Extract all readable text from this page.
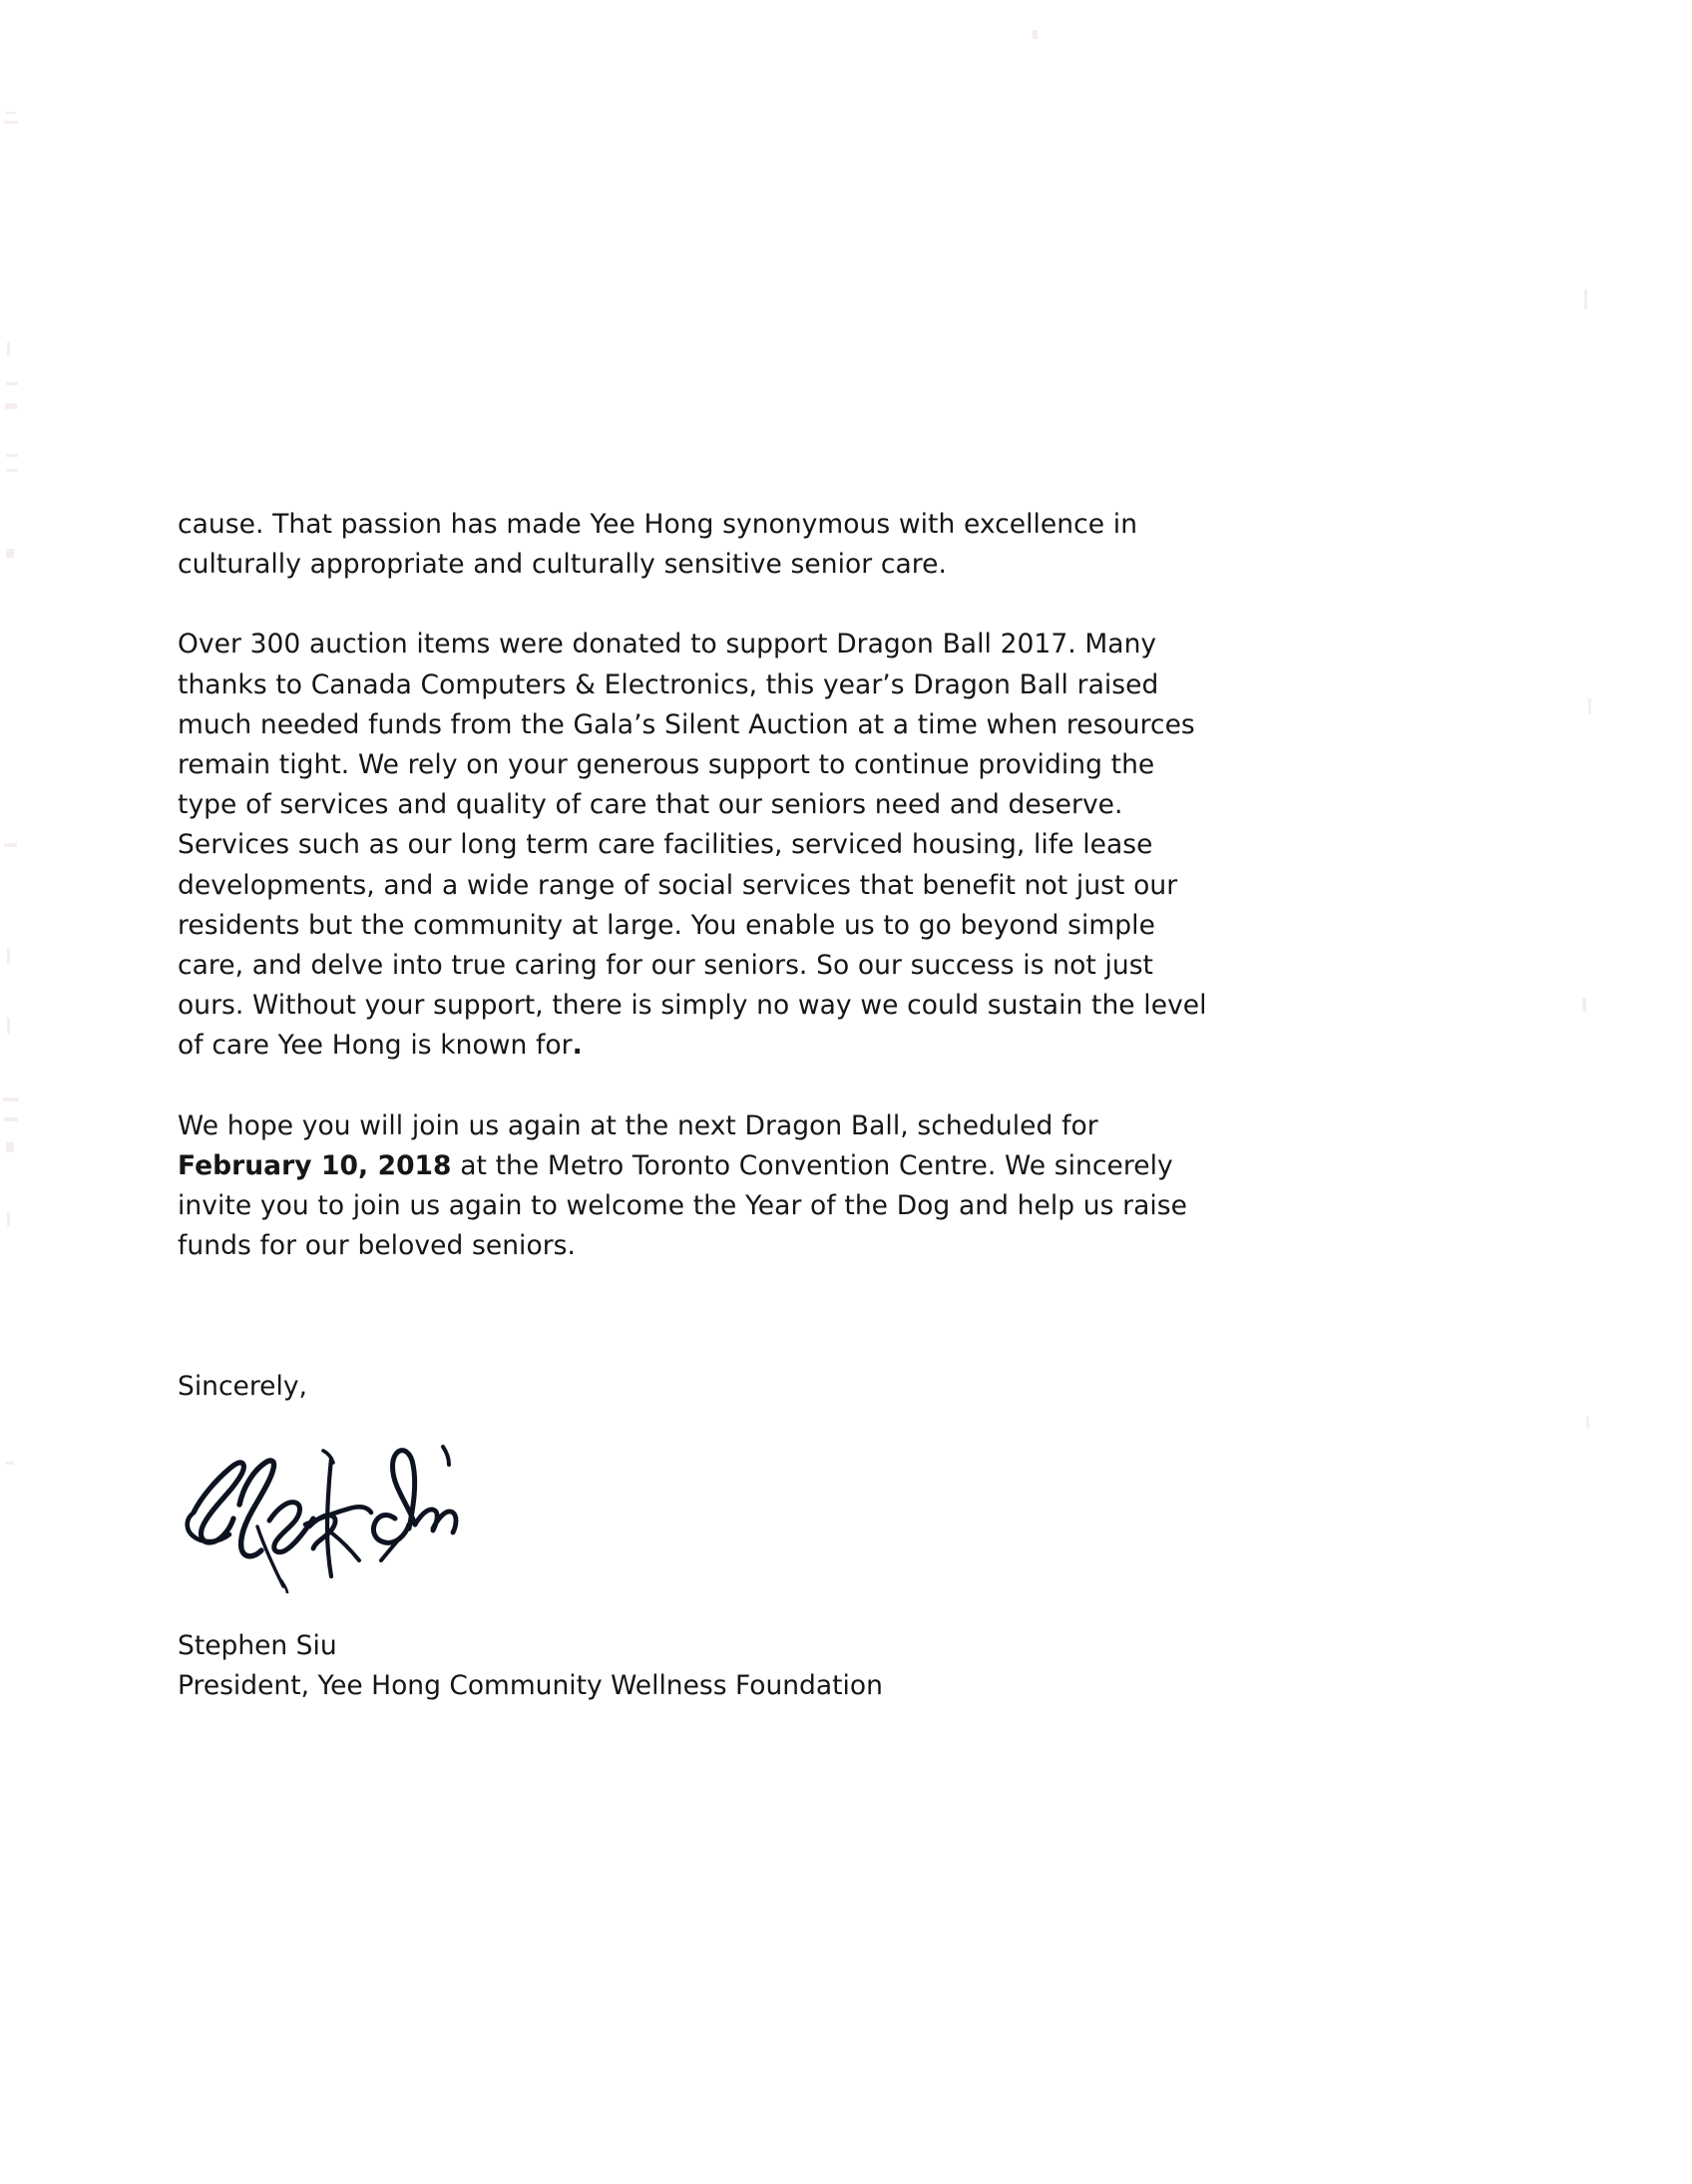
cause. That passion has made Yee Hong synonymous with excellence in culturally appropriate and culturally sensitive senior care.

Over 300 auction items were donated to support Dragon Ball 2017. Many thanks to Canada Computers & Electronics, this year’s Dragon Ball raised much needed funds from the Gala’s Silent Auction at a time when resources remain tight. We rely on your generous support to continue providing the type of services and quality of care that our seniors need and deserve. Services such as our long term care facilities, serviced housing, life lease developments, and a wide range of social services that benefit not just our residents but the community at large. You enable us to go beyond simple care, and delve into true caring for our seniors. So our success is not just ours. Without your support, there is simply no way we could sustain the level of care Yee Hong is known for.

We hope you will join us again at the next Dragon Ball, scheduled for February 10, 2018 at the Metro Toronto Convention Centre. We sincerely invite you to join us again to welcome the Year of the Dog and help us raise funds for our beloved seniors.

Sincerely,

Stephen Siu

President, Yee Hong Community Wellness Foundation
